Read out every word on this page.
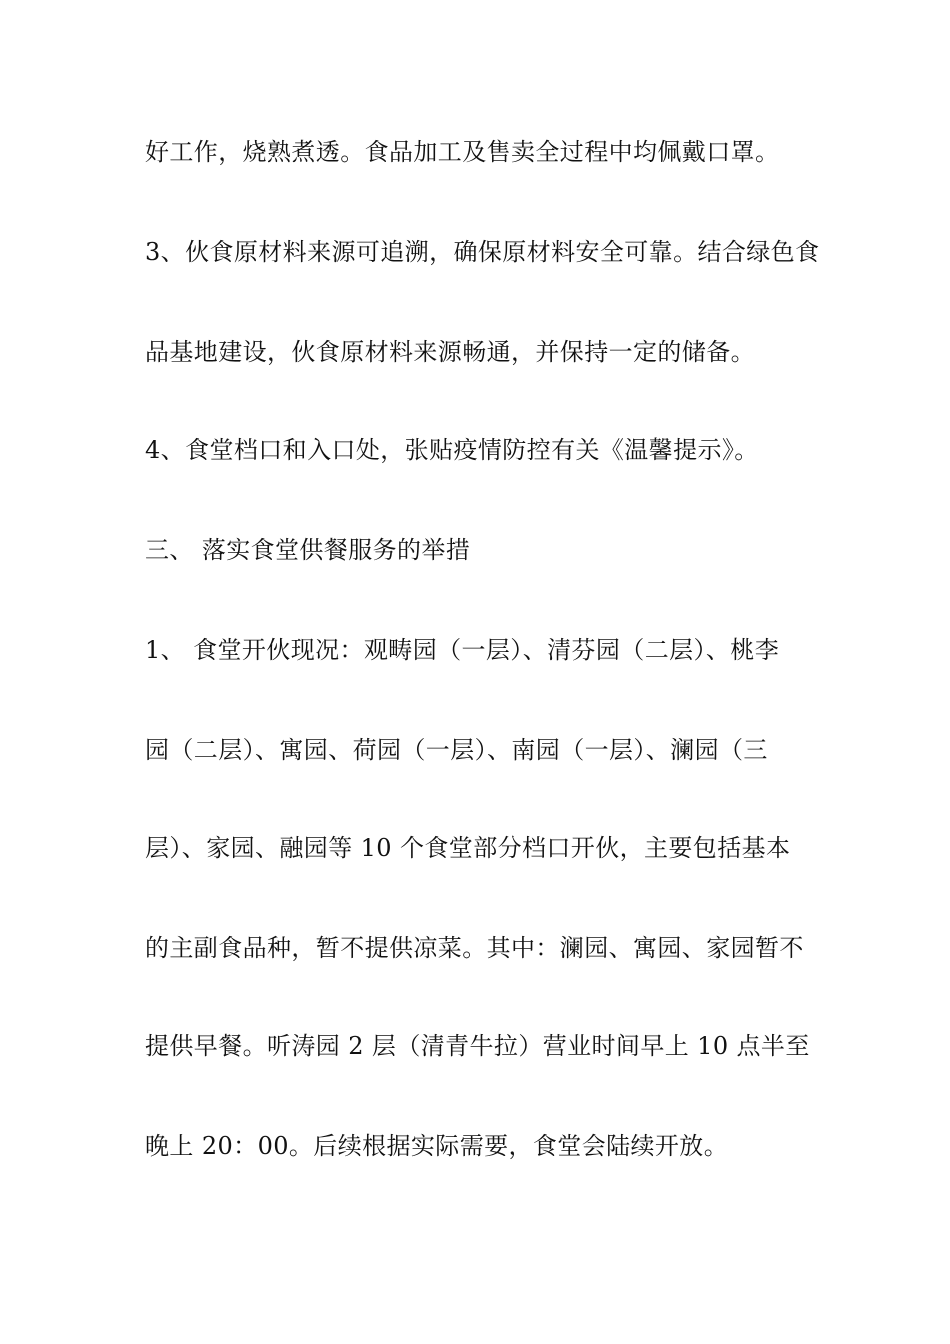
好工作，烧熟煮透。食品加工及售卖全过程中均佩戴口罩。
3、伙食原材料来源可追溯，确保原材料安全可靠。结合绿色食
品基地建设，伙食原材料来源畅通，并保持一定的储备。
4、食堂档口和入口处，张贴疫情防控有关《温馨提示》。
三、 落实食堂供餐服务的举措
1、 食堂开伙现况：观畴园（一层）、清芬园（二层）、桃李
园（二层）、寓园、荷园（一层）、南园（一层）、澜园（三
层）、家园、融园等 10 个食堂部分档口开伙，主要包括基本
的主副食品种，暂不提供凉菜。其中：澜园、寓园、家园暂不
提供早餐。听涛园 2 层（清青牛拉）营业时间早上 10 点半至
晚上 20：00。后续根据实际需要，食堂会陆续开放。
